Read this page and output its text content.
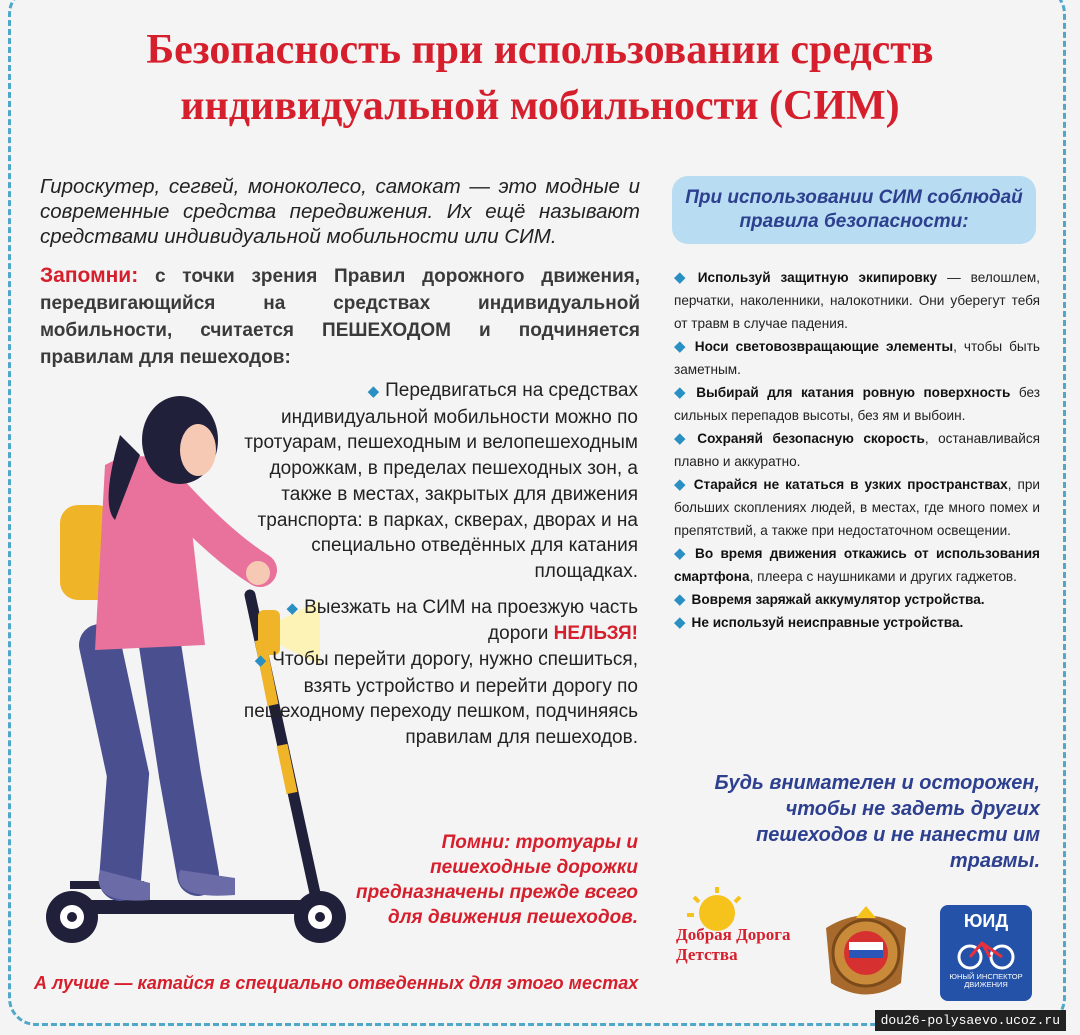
Безопасность при использовании средств
индивидуальной мобильности (СИМ)

Гироскутер, сегвей, моноколесо, самокат — это модные и современные средства передвижения. Их ещё называют средствами индивидуальной мобильности или СИМ.

Запомни: с точки зрения Правил дорожного движения, передвигающийся на средствах индивидуальной мобильности, считается ПЕШЕХОДОМ и подчиняется правилам для пешеходов:

◆ Передвигаться на средствах индивидуальной мобильности можно по тротуарам, пешеходным и велопешеходным дорожкам, в пределах пешеходных зон, а также в местах, закрытых для движения транспорта: в парках, скверах, дворах и на специально отведённых для катания площадках.

◆ Выезжать на СИМ на проезжую часть дороги НЕЛЬЗЯ!

◆ Чтобы перейти дорогу, нужно спешиться, взять устройство и перейти дорогу по пешеходному переходу пешком, подчиняясь правилам для пешеходов.

При использовании СИМ соблюдай правила безопасности:

◆ Используй защитную экипировку — велошлем, перчатки, наколенники, налокотники. Они уберегут тебя от травм в случае падения.

◆ Носи световозвращающие элементы, чтобы быть заметным.

◆ Выбирай для катания ровную поверхность без сильных перепадов высоты, без ям и выбоин.

◆ Сохраняй безопасную скорость, останавливайся плавно и аккуратно.

◆ Старайся не кататься в узких пространствах, при больших скоплениях людей, в местах, где много помех и препятствий, а также при недостаточном освещении.

◆ Во время движения откажись от использования смартфона, плеера с наушниками и других гаджетов.

◆ Вовремя заряжай аккумулятор устройства.

◆ Не используй неисправные устройства.

Будь внимателен и осторожен, чтобы не задеть других пешеходов и не нанести им травмы.

Помни: тротуары и пешеходные дорожки предназначены прежде всего для движения пешеходов.

А лучше — катайся в специально отведенных для этого местах

Добрая Дорога Детства
ЮИД
ЮНЫЙ ИНСПЕКТОР ДВИЖЕНИЯ
dou26-polysaevo.ucoz.ru
